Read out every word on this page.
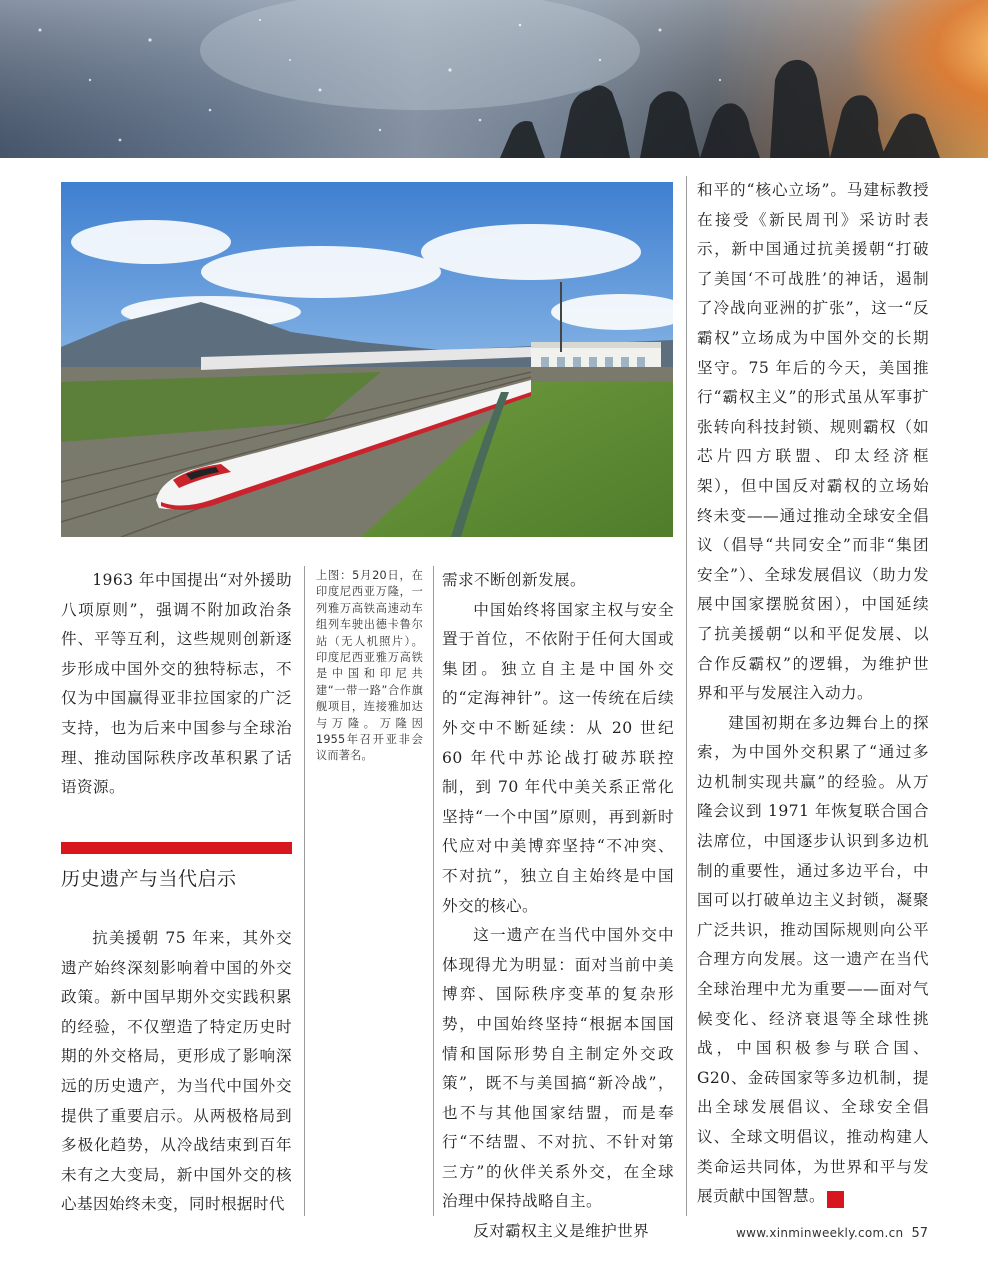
1963 年中国提出“对外援助八项原则”，强调不附加政治条件、平等互利，这些规则创新逐步形成中国外交的独特标志，不仅为中国赢得亚非拉国家的广泛支持，也为后来中国参与全球治理、推动国际秩序改革积累了话语资源。

上图：5月20日，在印度尼西亚万隆，一列雅万高铁高速动车组列车驶出德卡鲁尔站（无人机照片）。印度尼西亚雅万高铁是中国和印尼共建“一带一路”合作旗舰项目，连接雅加达与万隆。万隆因1955年召开亚非会议而著名。
历史遗产与当代启示

抗美援朝 75 年来，其外交遗产始终深刻影响着中国的外交政策。新中国早期外交实践积累的经验，不仅塑造了特定历史时期的外交格局，更形成了影响深远的历史遗产，为当代中国外交提供了重要启示。从两极格局到多极化趋势，从冷战结束到百年未有之大变局，新中国外交的核心基因始终未变，同时根据时代

需求不断创新发展。

中国始终将国家主权与安全置于首位，不依附于任何大国或集团。独立自主是中国外交的“定海神针”。这一传统在后续外交中不断延续：从 20 世纪 60 年代中苏论战打破苏联控制，到 70 年代中美关系正常化坚持“一个中国”原则，再到新时代应对中美博弈坚持“不冲突、不对抗”，独立自主始终是中国外交的核心。

这一遗产在当代中国外交中体现得尤为明显：面对当前中美博弈、国际秩序变革的复杂形势，中国始终坚持“根据本国国情和国际形势自主制定外交政策”，既不与美国搞“新冷战”，也不与其他国家结盟，而是奉行“不结盟、不对抗、不针对第三方”的伙伴关系外交，在全球治理中保持战略自主。

反对霸权主义是维护世界

和平的“核心立场”。马建标教授在接受《新民周刊》采访时表示，新中国通过抗美援朝“打破了美国‘不可战胜’的神话，遏制了冷战向亚洲的扩张”，这一“反霸权”立场成为中国外交的长期坚守。75 年后的今天，美国推行“霸权主义”的形式虽从军事扩张转向科技封锁、规则霸权（如芯片四方联盟、印太经济框架），但中国反对霸权的立场始终未变——通过推动全球安全倡议（倡导“共同安全”而非“集团安全”）、全球发展倡议（助力发展中国家摆脱贫困），中国延续了抗美援朝“以和平促发展、以合作反霸权”的逻辑，为维护世界和平与发展注入动力。

建国初期在多边舞台上的探索，为中国外交积累了“通过多边机制实现共赢”的经验。从万隆会议到 1971 年恢复联合国合法席位，中国逐步认识到多边机制的重要性，通过多边平台，中国可以打破单边主义封锁，凝聚广泛共识，推动国际规则向公平合理方向发展。这一遗产在当代全球治理中尤为重要——面对气候变化、经济衰退等全球性挑战，中国积极参与联合国、G20、金砖国家等多边机制，提出全球发展倡议、全球安全倡议、全球文明倡议，推动构建人类命运共同体，为世界和平与发展贡献中国智慧。	民

www.xinminweekly.com.cn 57
